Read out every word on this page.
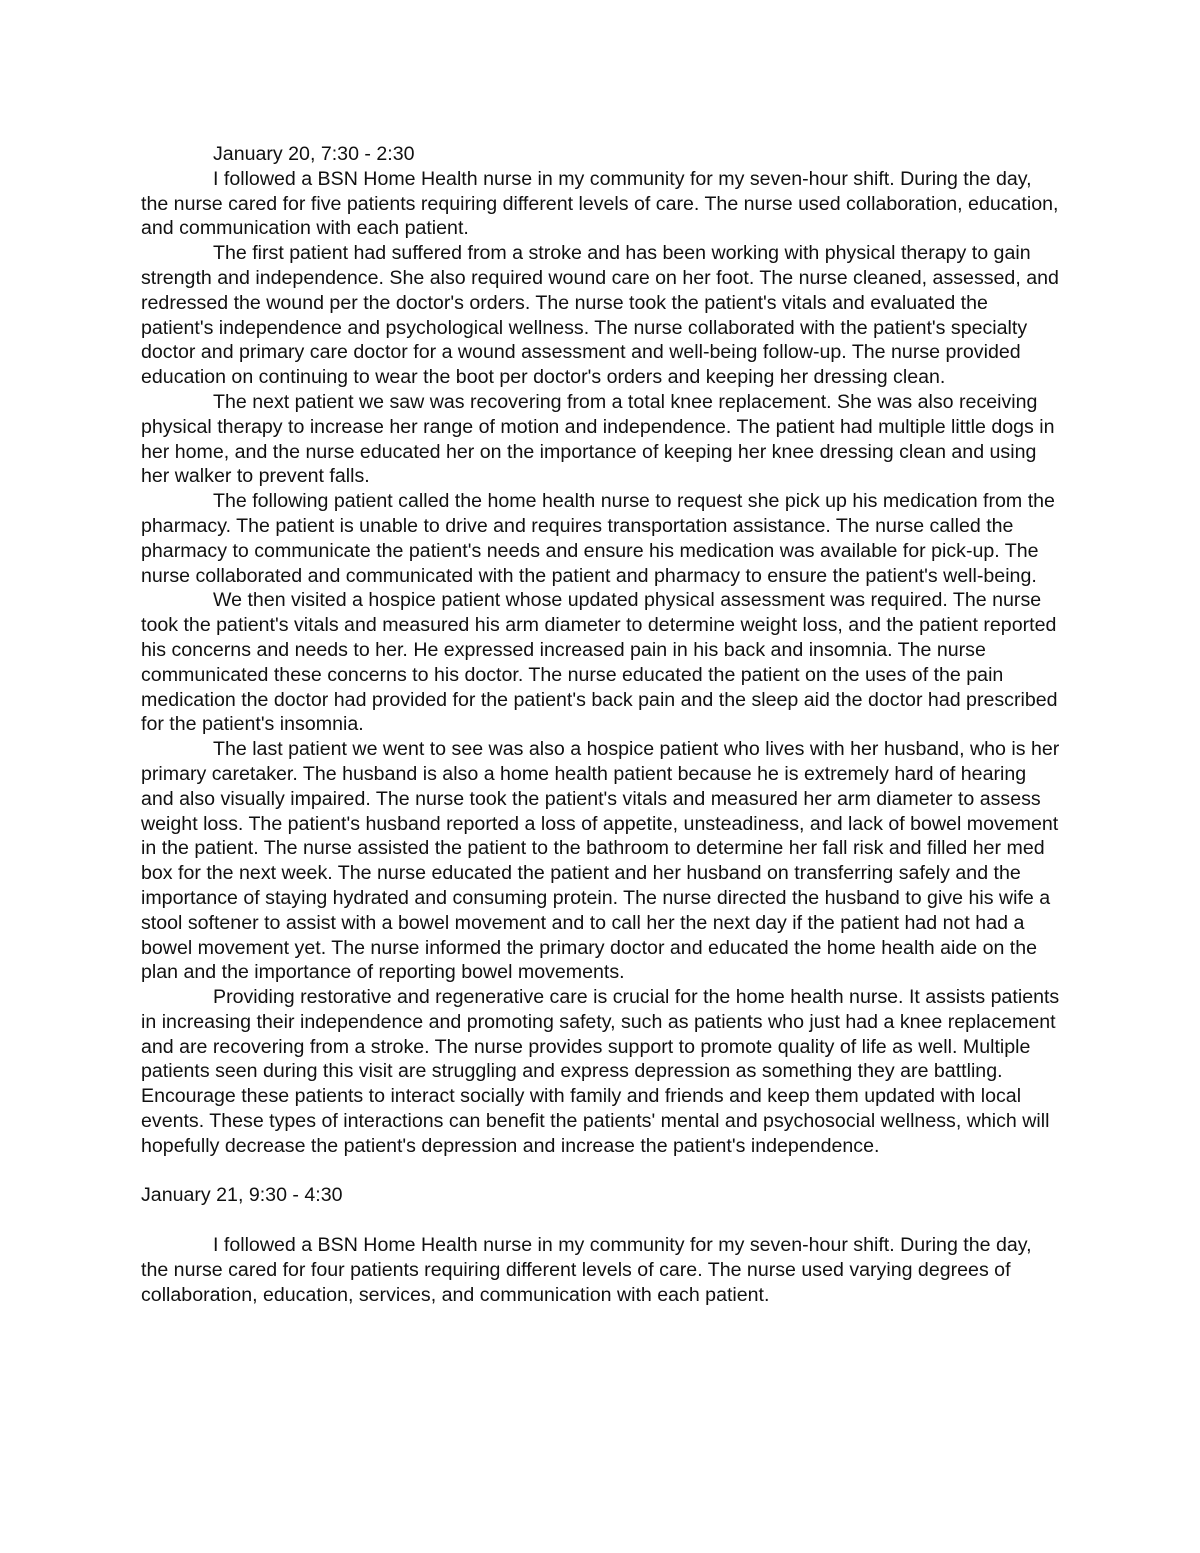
January 20, 7:30 - 2:30

I followed a BSN Home Health nurse in my community for my seven-hour shift. During the day, the nurse cared for five patients requiring different levels of care. The nurse used collaboration, education, and communication with each patient.

The first patient had suffered from a stroke and has been working with physical therapy to gain strength and independence. She also required wound care on her foot. The nurse cleaned, assessed, and redressed the wound per the doctor's orders. The nurse took the patient's vitals and evaluated the patient's independence and psychological wellness. The nurse collaborated with the patient's specialty doctor and primary care doctor for a wound assessment and well-being follow-up. The nurse provided education on continuing to wear the boot per doctor's orders and keeping her dressing clean.

The next patient we saw was recovering from a total knee replacement. She was also receiving physical therapy to increase her range of motion and independence. The patient had multiple little dogs in her home, and the nurse educated her on the importance of keeping her knee dressing clean and using her walker to prevent falls.

The following patient called the home health nurse to request she pick up his medication from the pharmacy. The patient is unable to drive and requires transportation assistance. The nurse called the pharmacy to communicate the patient's needs and ensure his medication was available for pick-up. The nurse collaborated and communicated with the patient and pharmacy to ensure the patient's well-being.

We then visited a hospice patient whose updated physical assessment was required. The nurse took the patient's vitals and measured his arm diameter to determine weight loss, and the patient reported his concerns and needs to her. He expressed increased pain in his back and insomnia. The nurse communicated these concerns to his doctor. The nurse educated the patient on the uses of the pain medication the doctor had provided for the patient's back pain and the sleep aid the doctor had prescribed for the patient's insomnia.

The last patient we went to see was also a hospice patient who lives with her husband, who is her primary caretaker. The husband is also a home health patient because he is extremely hard of hearing and also visually impaired. The nurse took the patient's vitals and measured her arm diameter to assess weight loss. The patient's husband reported a loss of appetite, unsteadiness, and lack of bowel movement in the patient. The nurse assisted the patient to the bathroom to determine her fall risk and filled her med box for the next week. The nurse educated the patient and her husband on transferring safely and the importance of staying hydrated and consuming protein. The nurse directed the husband to give his wife a stool softener to assist with a bowel movement and to call her the next day if the patient had not had a bowel movement yet. The nurse informed the primary doctor and educated the home health aide on the plan and the importance of reporting bowel movements.

Providing restorative and regenerative care is crucial for the home health nurse. It assists patients in increasing their independence and promoting safety, such as patients who just had a knee replacement and are recovering from a stroke. The nurse provides support to promote quality of life as well. Multiple patients seen during this visit are struggling and express depression as something they are battling. Encourage these patients to interact socially with family and friends and keep them updated with local events. These types of interactions can benefit the patients' mental and psychosocial wellness, which will hopefully decrease the patient's depression and increase the patient's independence.

January 21, 9:30 - 4:30

I followed a BSN Home Health nurse in my community for my seven-hour shift. During the day, the nurse cared for four patients requiring different levels of care. The nurse used varying degrees of collaboration, education, services, and communication with each patient.
